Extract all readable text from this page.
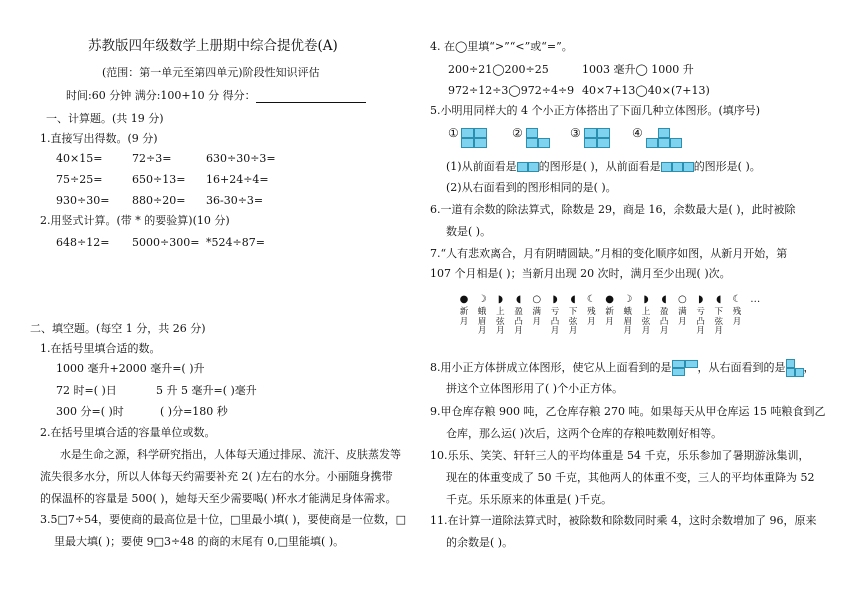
苏教版四年级数学上册期中综合提优卷(A)
(范围：第一单元至第四单元)阶段性知识评估
时间:60 分钟 满分:100+10 分 得分：
一、计算题。(共 19 分)
1.直接写出得数。(9 分)
40×15=	72÷3=	630÷30÷3=
75÷25=	650÷13= 16+24÷4=
930÷30= 880÷20= 36-30÷3=
2.用竖式计算。(带 * 的要验算)(10 分)
648÷12= 5000÷300= *524÷87=
二、填空题。(每空 1 分，共 26 分)
1.在括号里填合适的数。
1000 毫升+2000 毫升=( )升
72 时=( )日	5 升 5 毫升=( )毫升
300 分=( )时	( )分=180 秒
2.在括号里填合适的容量单位或数。
水是生命之源，科学研究指出，人体每天通过排尿、流汗、皮肤蒸发等
流失很多水分，所以人体每天约需要补充 2( )左右的水分。小丽随身携带
的保温杯的容量是 500( )，她每天至少需要喝( )杯水才能满足身体需求。
3.5□7÷54，要使商的最高位是十位，□里最小填( )，要使商是一位数，□
里最大填( )；要使 9□3÷48 的商的末尾有 0,□里能填( )。
4. 在◯里填“>”“<”或“=”。
200÷21◯200÷25	1003 毫升◯ 1000 升
972÷12÷3◯972÷4÷9 40×7+13◯40×(7+13)
5.小明用同样大的 4 个小正方体搭出了下面几种立体图形。(填序号)
①	②	③	④
(1)从前面看是 的图形是( )，从前面看是	的图形是( )。
(2)从右面看到的图形相同的是( )。
6.一道有余数的除法算式，除数是 29，商是 16，余数最大是( )，此时被除
数是( )。
7.“人有悲欢离合，月有阴晴圆缺。”月相的变化顺序如图，从新月开始，第
107 个月相是( )；当新月出现 20 次时，满月至少出现( )次。
●
新月
☽
蛾眉月
◗
上弦月
◖
盈凸月
○
满月
◗
亏凸月
◖
下弦月
☾
残月
●
新月
☽
蛾眉月
◗
上弦月
◖
盈凸月
○
满月
◗
亏凸月
◖
下弦月
☾
残月
…
8.用小正方体拼成立体图形，使它从上面看到的是 ，从右面看到的是 ，
拼这个立体图形用了( )个小正方体。
9.甲仓库存粮 900 吨，乙仓库存粮 270 吨。如果每天从甲仓库运 15 吨粮食到乙
仓库，那么运( )次后，这两个仓库的存粮吨数刚好相等。
10.乐乐、笑笑、轩轩三人的平均体重是 54 千克，乐乐参加了暑期游泳集训，
现在的体重变成了 50 千克，其他两人的体重不变，三人的平均体重降为 52
千克。乐乐原来的体重是( )千克。
11.在计算一道除法算式时，被除数和除数同时乘 4，这时余数增加了 96，原来
的余数是( )。
